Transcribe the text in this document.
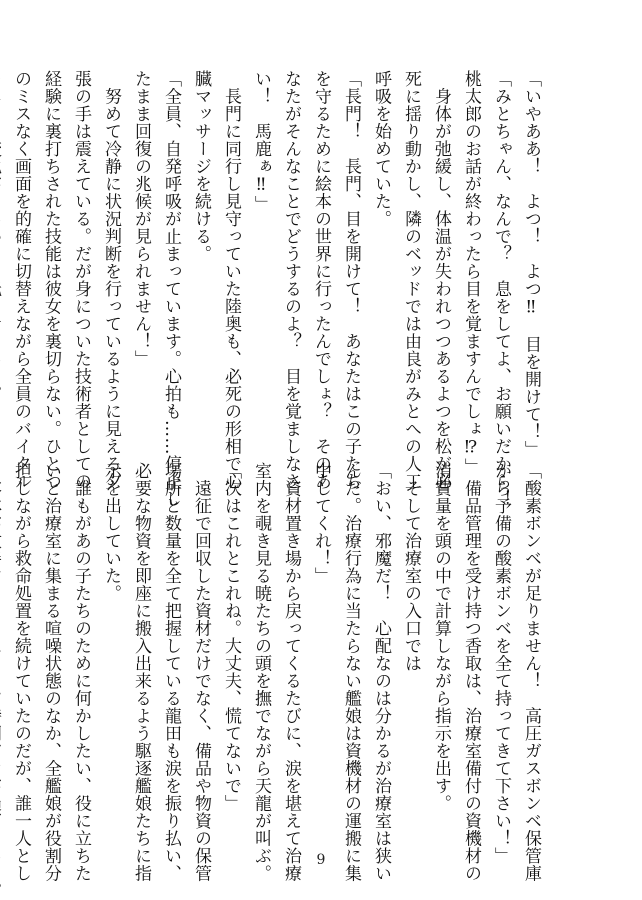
「いやああ！　よつ！　よつ‼　目を開けて！」
「みとちゃん、なんで？　息をしてよ、お願いだから！
桃太郎のお話が終わったら目を覚ますんでしょ⁉」
　身体が弛緩し、体温が失われつつあるよつを松が必
死に揺り動かし、隣のベッドでは由良がみとへの人工
呼吸を始めていた。
「長門！　長門、目を開けて！　あなたはこの子たち
を守るために絵本の世界に行ったんでしょ？　そのあ
なたがそんなことでどうするのよ？　目を覚ましなさ
い！　馬鹿ぁ‼」
　長門に同行し見守っていた陸奥も、必死の形相で心
臓マッサージを続ける。
「全員、自発呼吸が止まっています。心拍も……停止し
たまま回復の兆候が見られません！」
　努めて冷静に状況判断を行っているように見える夕
張の手は震えている。だが身についた技術者としての
経験に裏打ちされた技能は彼女を裏切らない。ひとつ
のミスなく画面を的確に切替えながら全員のバイタル
「酸素ボンベが足りません！　高圧ガスボンベ保管庫
から予備の酸素ボンベを全て持ってきて下さい！」
　備品管理を受け持つ香取は、治療室備付の資機材の
消費量を頭の中で計算しながら指示を出す。
　そして治療室の入口では
「おい、邪魔だ！　心配なのは分かるが治療室は狭い
んだ。治療行為に当たらない艦娘は資機材の運搬に集
中してくれ！」
　資材置き場から戻ってくるたびに、涙を堪えて治療
室内を覗き見る暁たちの頭を撫でながら天龍が叫ぶ。
「次はこれとこれね。大丈夫、慌てないで」
　遠征で回収した資材だけでなく、備品や物資の保管
場所と数量を全て把握している龍田も涙を振り払い、
必要な物資を即座に搬入出来るよう駆逐艦娘たちに指
示を出していた。
　誰もがあの子たちのために何かしたい、役に立ちた
いと治療室に集まる喧噪状態のなか、全艦娘が役割分
担しながら救命処置を続けていたのだが、誰一人とし	9
